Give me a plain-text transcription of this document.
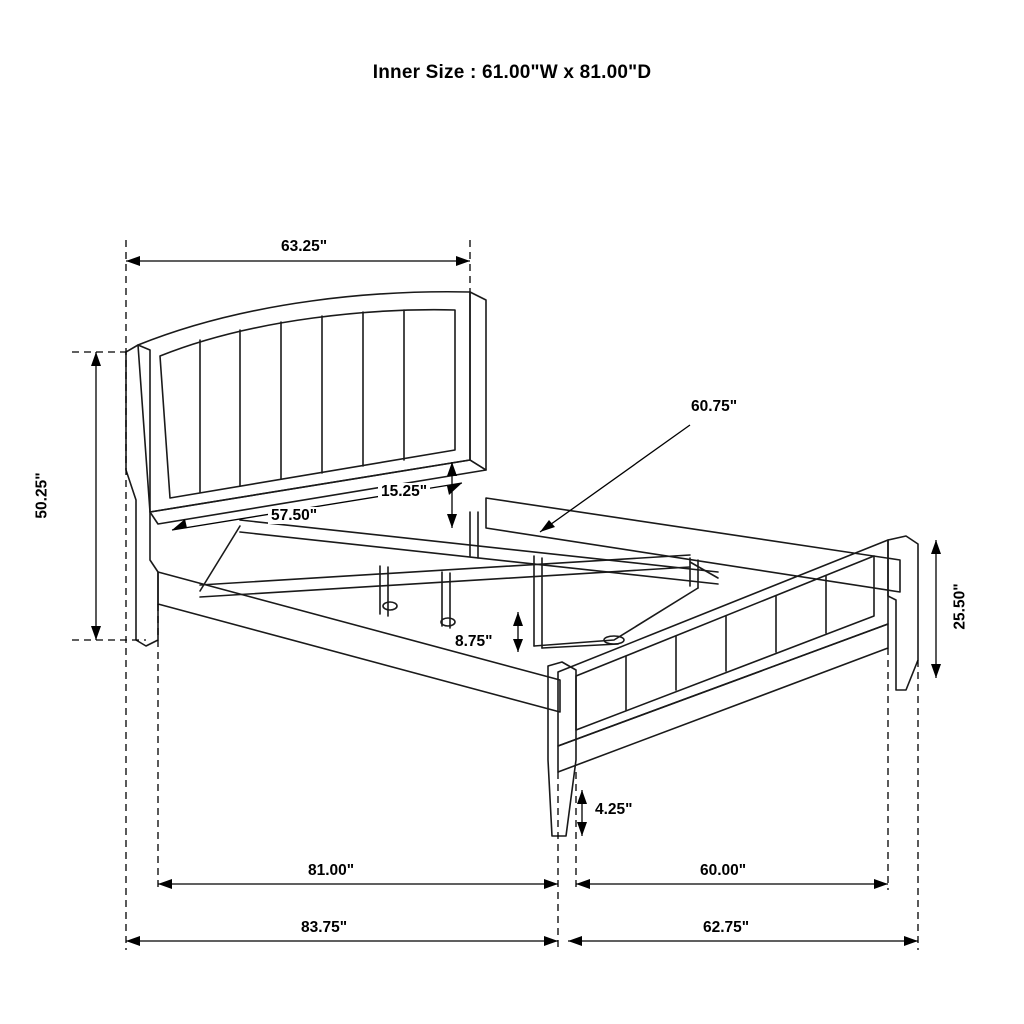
Inner Size : 61.00"W x 81.00"D
63.25"
50.25"	57.50"
15.25"
60.75"
8.75"
25.50"
4.25"
81.00"	60.00"
83.75"	62.75"
